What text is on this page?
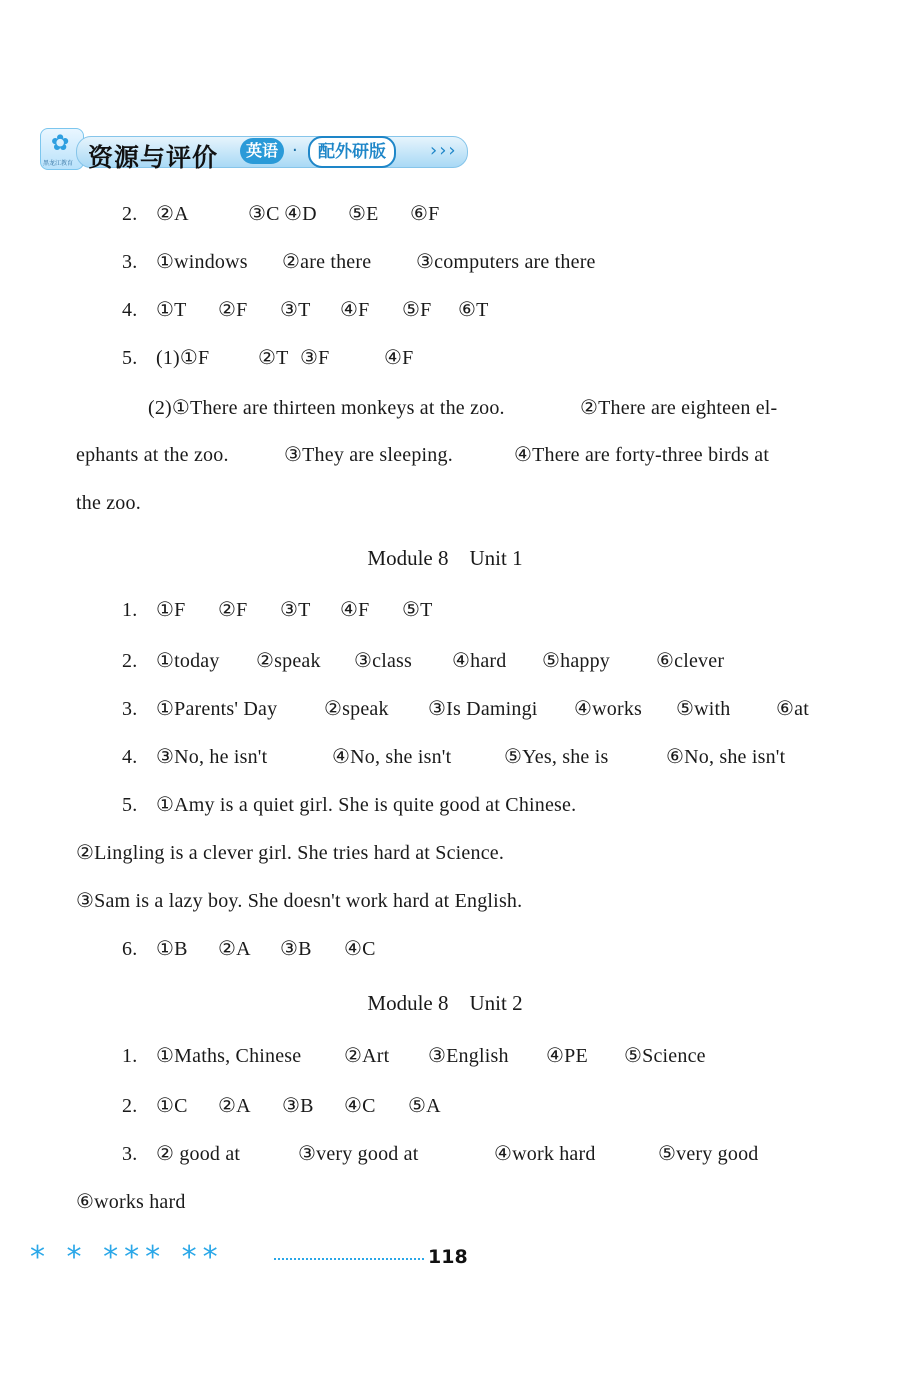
✿
黑龙江教育 资源与评价	英语 ·	配外研版	›››
Module 8    Unit 1
Module 8    Unit 2
2. ②A	③C ④D ⑤E ⑥F
3. ①windows ②are there ③computers are there
4. ①T ②F ③T ④F ⑤F ⑥T
5. (1)①F ②T ③F	④F
(2)①There are thirteen monkeys at the zoo.	②There are eighteen el-
ephants at the zoo.	③They are sleeping.	④There are forty-three birds at
the zoo.
1. ①F ②F ③T ④F ⑤T
2. ①today ②speak ③class ④hard ⑤happy ⑥clever
3. ①Parents' Day ②speak ③Is Damingi ④works ⑤with ⑥at
4. ③No, he isn't	④No, she isn't	⑤Yes, she is	⑥No, she isn't
5. ①Amy is a quiet girl. She is quite good at Chinese.
②Lingling is a clever girl. She tries hard at Science.
③Sam is a lazy boy. She doesn't work hard at English.
6. ①B ②A ③B ④C
1. ①Maths, Chinese ②Art ③English ④PE ⑤Science
2. ①C ②A ③B ④C ⑤A
3. ② good at	③very good at	④work hard	⑤very good
⑥works hard
* * *** **	118
